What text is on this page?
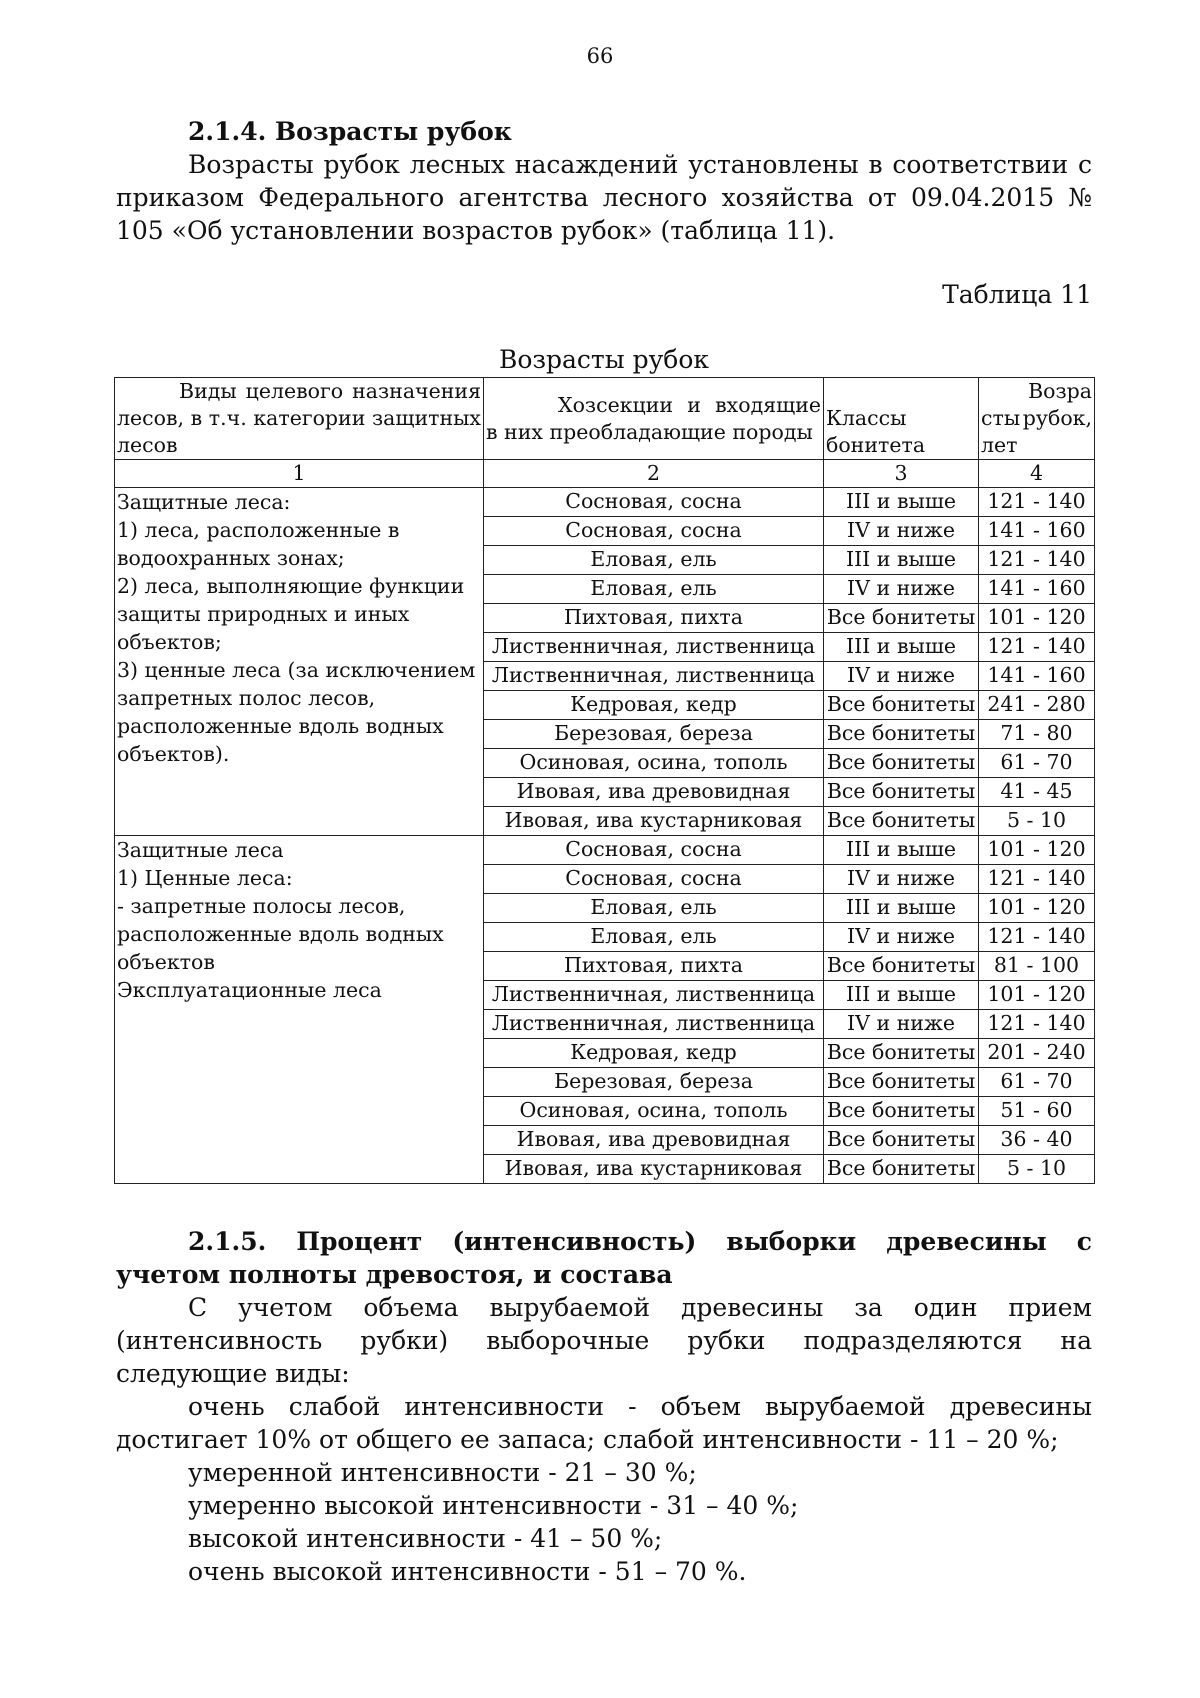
66
2.1.4. Возрасты рубок
Возрасты рубок лесных насаждений установлены в соответствии с приказом Федерального агентства лесного хозяйства от 09.04.2015 № 105 «Об установлении возрастов рубок» (таблица 11).
Таблица 11
Возрасты рубок
Виды целевого назначения лесов, в т.ч. категории защитных лесов	Хозсекции и входящие в них преобладающие породы	Классы бонитета	Возра
сты рубок,
лет

1	2	3	4
Защитные леса:
1) леса, расположенные в водоохранных зонах;
2) леса, выполняющие функции защиты природных и иных объектов;
3) ценные леса (за исключением запретных полос лесов, расположенные вдоль водных объектов).	Сосновая, сосна	III и выше	121 - 140
	Сосновая, сосна	IV и ниже	141 - 160
	Еловая, ель	III и выше	121 - 140
	Еловая, ель	IV и ниже	141 - 160
	Пихтовая, пихта	Все бонитеты	101 - 120
	Лиственничная, лиственница	III и выше	121 - 140
	Лиственничная, лиственница	IV и ниже	141 - 160
	Кедровая, кедр	Все бонитеты	241 - 280
	Березовая, береза	Все бонитеты	71 - 80
	Осиновая, осина, тополь	Все бонитеты	61 - 70
	Ивовая, ива древовидная	Все бонитеты	41 - 45
	Ивовая, ива кустарниковая	Все бонитеты	5 - 10
Защитные леса
1) Ценные леса:
- запретные полосы лесов, расположенные вдоль водных объектов
Эксплуатационные леса	Сосновая, сосна	III и выше	101 - 120
	Сосновая, сосна	IV и ниже	121 - 140
	Еловая, ель	III и выше	101 - 120
	Еловая, ель	IV и ниже	121 - 140
	Пихтовая, пихта	Все бонитеты	81 - 100
	Лиственничная, лиственница	III и выше	101 - 120
	Лиственничная, лиственница	IV и ниже	121 - 140
	Кедровая, кедр	Все бонитеты	201 - 240
	Березовая, береза	Все бонитеты	61 - 70
	Осиновая, осина, тополь	Все бонитеты	51 - 60
	Ивовая, ива древовидная	Все бонитеты	36 - 40
	Ивовая, ива кустарниковая	Все бонитеты	5 - 10
2.1.5. Процент (интенсивность) выборки древесины с учетом полноты древостоя, и состава
С учетом объема вырубаемой древесины за один прием (интенсивность рубки) выборочные рубки подразделяются на следующие виды:
очень слабой интенсивности - объем вырубаемой древесины достигает 10% от общего ее запаса; слабой интенсивности - 11 – 20 %;
умеренной интенсивности - 21 – 30 %;
умеренно высокой интенсивности - 31 – 40 %;
высокой интенсивности - 41 – 50 %;
очень высокой интенсивности - 51 – 70 %.
